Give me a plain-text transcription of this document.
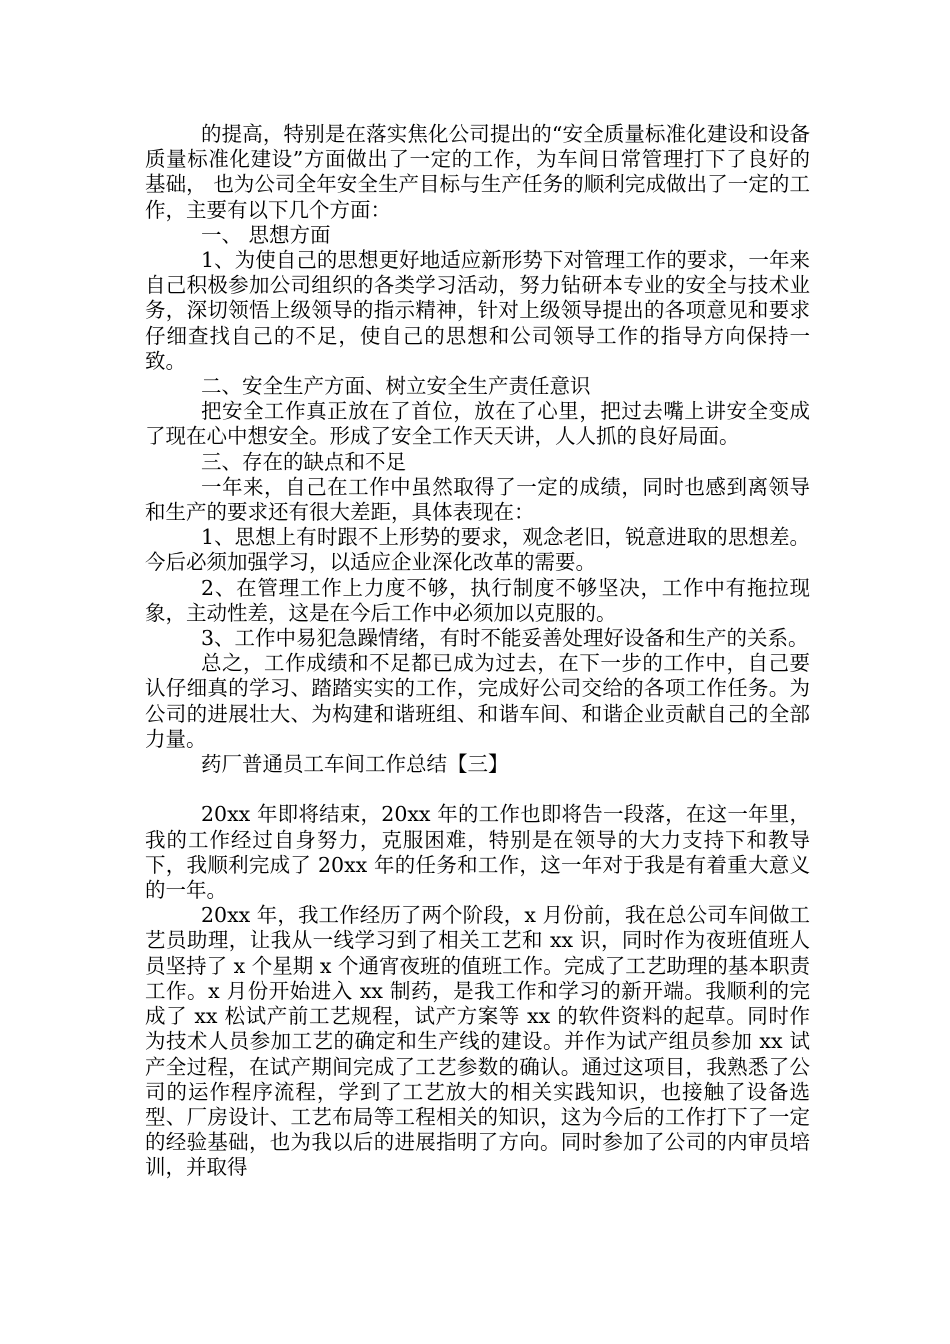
的提高，特别是在落实焦化公司提出的“安全质量标准化建设和设备质量标准化建设”方面做出了一定的工作，为车间日常管理打下了良好的基础， 也为公司全年安全生产目标与生产任务的顺利完成做出了一定的工作，主要有以下几个方面：

一、 思想方面

1、为使自己的思想更好地适应新形势下对管理工作的要求，一年来自己积极参加公司组织的各类学习活动，努力钻研本专业的安全与技术业务，深切领悟上级领导的指示精神，针对上级领导提出的各项意见和要求仔细查找自己的不足，使自己的思想和公司领导工作的指导方向保持一致。

二、安全生产方面、树立安全生产责任意识

把安全工作真正放在了首位，放在了心里，把过去嘴上讲安全变成了现在心中想安全。形成了安全工作天天讲，人人抓的良好局面。

三、存在的缺点和不足

一年来，自己在工作中虽然取得了一定的成绩，同时也感到离领导和生产的要求还有很大差距，具体表现在：

1、思想上有时跟不上形势的要求，观念老旧，锐意进取的思想差。今后必须加强学习，以适应企业深化改革的需要。

2、在管理工作上力度不够，执行制度不够坚决，工作中有拖拉现象，主动性差，这是在今后工作中必须加以克服的。

3、工作中易犯急躁情绪，有时不能妥善处理好设备和生产的关系。

总之，工作成绩和不足都已成为过去，在下一步的工作中，自己要认仔细真的学习、踏踏实实的工作，完成好公司交给的各项工作任务。为公司的进展壮大、为构建和谐班组、和谐车间、和谐企业贡献自己的全部力量。

药厂普通员工车间工作总结【三】

20xx 年即将结束，20xx 年的工作也即将告一段落，在这一年里，我的工作经过自身努力，克服困难，特别是在领导的大力支持下和教导下，我顺利完成了 20xx 年的任务和工作，这一年对于我是有着重大意义的一年。

20xx 年，我工作经历了两个阶段，x 月份前，我在总公司车间做工艺员助理，让我从一线学习到了相关工艺和 xx 识，同时作为夜班值班人员坚持了 x 个星期 x 个通宵夜班的值班工作。完成了工艺助理的基本职责工作。x 月份开始进入 xx 制药，是我工作和学习的新开端。我顺利的完成了 xx 松试产前工艺规程，试产方案等 xx 的软件资料的起草。同时作为技术人员参加工艺的确定和生产线的建设。并作为试产组员参加 xx 试产全过程，在试产期间完成了工艺参数的确认。通过这项目，我熟悉了公司的运作程序流程，学到了工艺放大的相关实践知识，也接触了设备选型、厂房设计、工艺布局等工程相关的知识，这为今后的工作打下了一定的经验基础，也为我以后的进展指明了方向。同时参加了公司的内审员培训，并取得
